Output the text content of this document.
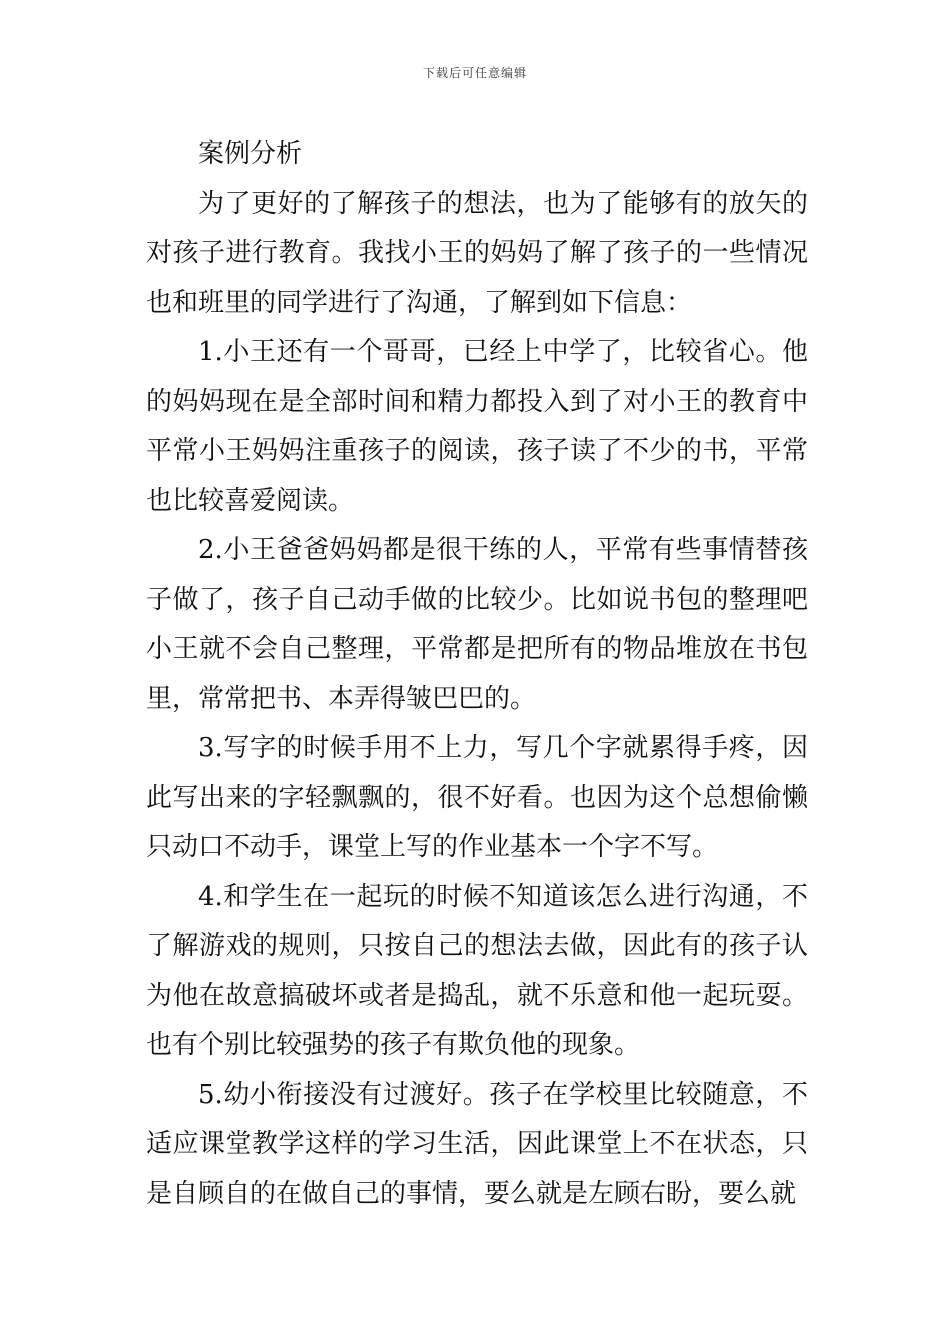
下载后可任意编辑

案例分析

为了更好的了解孩子的想法，也为了能够有的放矢的对孩子进行教育。我找小王的妈妈了解了孩子的一些情况也和班里的同学进行了沟通，了解到如下信息：

1.小王还有一个哥哥，已经上中学了，比较省心。他的妈妈现在是全部时间和精力都投入到了对小王的教育中平常小王妈妈注重孩子的阅读，孩子读了不少的书，平常也比较喜爱阅读。

2.小王爸爸妈妈都是很干练的人，平常有些事情替孩子做了，孩子自己动手做的比较少。比如说书包的整理吧小王就不会自己整理，平常都是把所有的物品堆放在书包里，常常把书、本弄得皱巴巴的。

3.写字的时候手用不上力，写几个字就累得手疼，因此写出来的字轻飘飘的，很不好看。也因为这个总想偷懒只动口不动手，课堂上写的作业基本一个字不写。

4.和学生在一起玩的时候不知道该怎么进行沟通，不了解游戏的规则，只按自己的想法去做，因此有的孩子认为他在故意搞破坏或者是捣乱，就不乐意和他一起玩耍。也有个别比较强势的孩子有欺负他的现象。

5.幼小衔接没有过渡好。孩子在学校里比较随意，不适应课堂教学这样的学习生活，因此课堂上不在状态，只是自顾自的在做自己的事情，要么就是左顾右盼，要么就
